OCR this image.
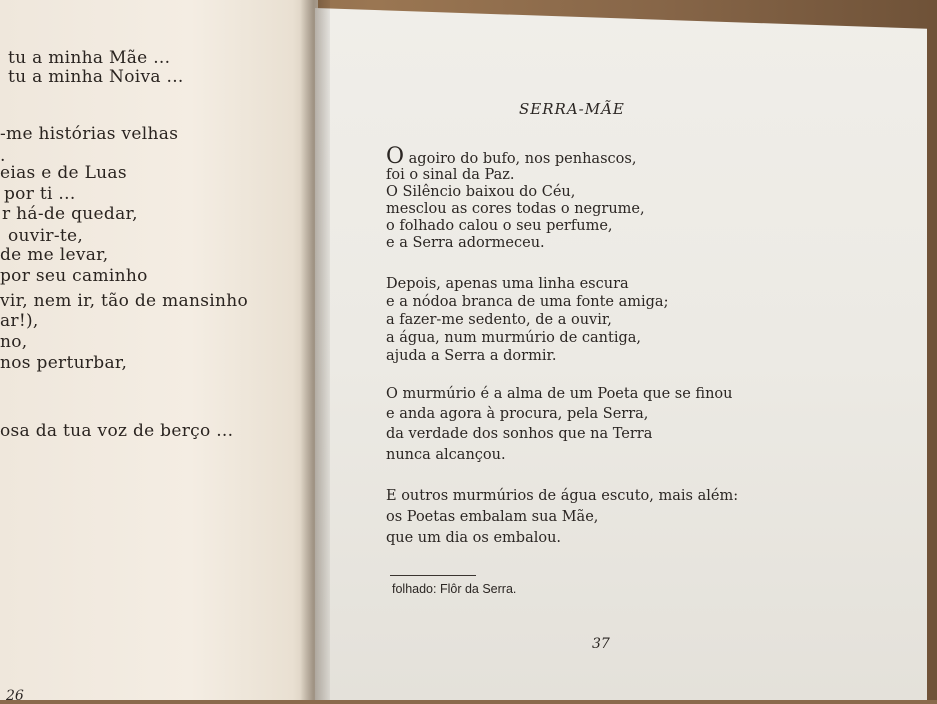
tu a minha Mãe ...
tu a minha Noiva ...
-me histórias velhas
.
eias e de Luas
por ti ...
r há-de quedar,
ouvir-te,
de me levar,
por seu caminho
vir, nem ir, tão de mansinho
ar!),
no,
nos perturbar,
osa da tua voz de berço ...
26
SERRA-MÃE
O agoiro do bufo, nos penhascos,
foi o sinal da Paz.
O Silêncio baixou do Céu,
mesclou as cores todas o negrume,
o folhado calou o seu perfume,
e a Serra adormeceu.
Depois, apenas uma linha escura
e a nódoa branca de uma fonte amiga;
a fazer-me sedento, de a ouvir,
a água, num murmúrio de cantiga,
ajuda a Serra a dormir.
O murmúrio é a alma de um Poeta que se finou
e anda agora à procura, pela Serra,
da verdade dos sonhos que na Terra
nunca alcançou.
E outros murmúrios de água escuto, mais além:
os Poetas embalam sua Mãe,
que um dia os embalou.
folhado: Flôr da Serra.
37
